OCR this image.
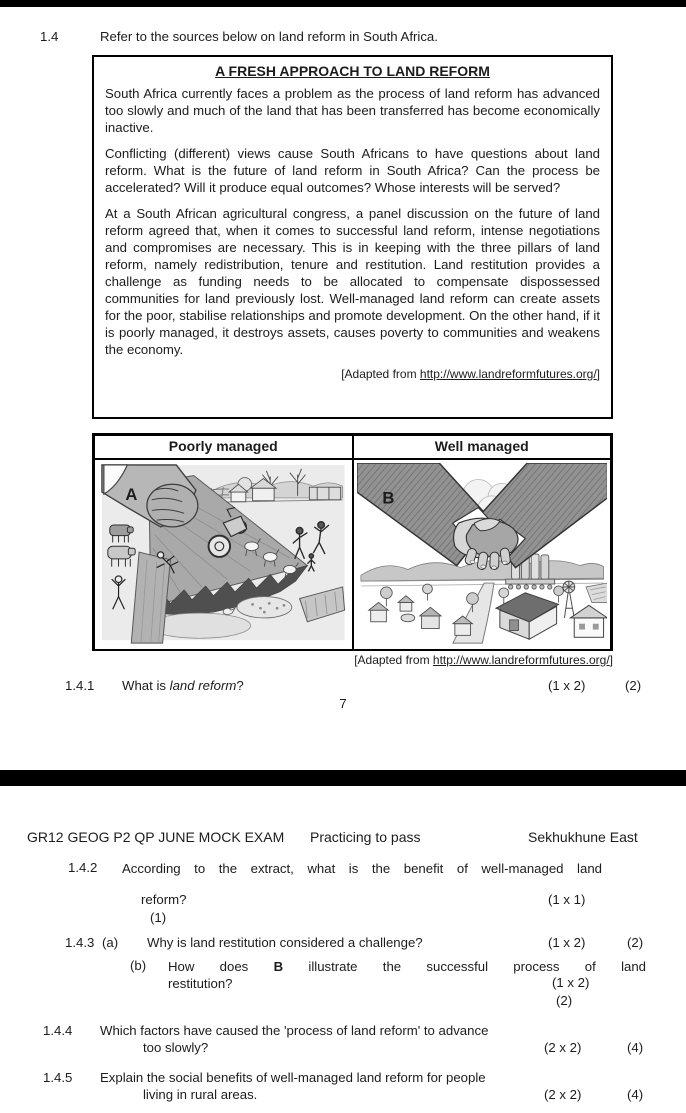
1.4	Refer to the sources below on land reform in South Africa.
A FRESH APPROACH TO LAND REFORM

South Africa currently faces a problem as the process of land reform has advanced too slowly and much of the land that has been transferred has become economically inactive.

Conflicting (different) views cause South Africans to have questions about land reform. What is the future of land reform in South Africa? Can the process be accelerated? Will it produce equal outcomes? Whose interests will be served?

At a South African agricultural congress, a panel discussion on the future of land reform agreed that, when it comes to successful land reform, intense negotiations and compromises are necessary. This is in keeping with the three pillars of land reform, namely redistribution, tenure and restitution. Land restitution provides a challenge as funding needs to be allocated to compensate dispossessed communities for land previously lost. Well-managed land reform can create assets for the poor, stabilise relationships and promote development. On the other hand, if it is poorly managed, it destroys assets, causes poverty to communities and weakens the economy.

[Adapted from http://www.landreformfutures.org/]
Poorly managed	Well managed
A	B
[Adapted from http://www.landreformfutures.org/]
1.4.1 What is land reform?	(1 x 2)	(2)
7
GR12 GEOG P2 QP JUNE MOCK EXAM Practicing to pass	Sekhukhune East
1.4.2 According to the extract, what is the benefit of well-managed land
reform?	(1 x 1)
(1)
1.4.3 (a) Why is land restitution considered a challenge?	(1 x 2)	(2)
(b) How does B illustrate the successful process of land
restitution?	(1 x 2)
(2)
1.4.4 Which factors have caused the 'process of land reform' to advance
too slowly?	(2 x 2)	(4)
1.4.5 Explain the social benefits of well-managed land reform for people
living in rural areas.	(2 x 2)	(4)
